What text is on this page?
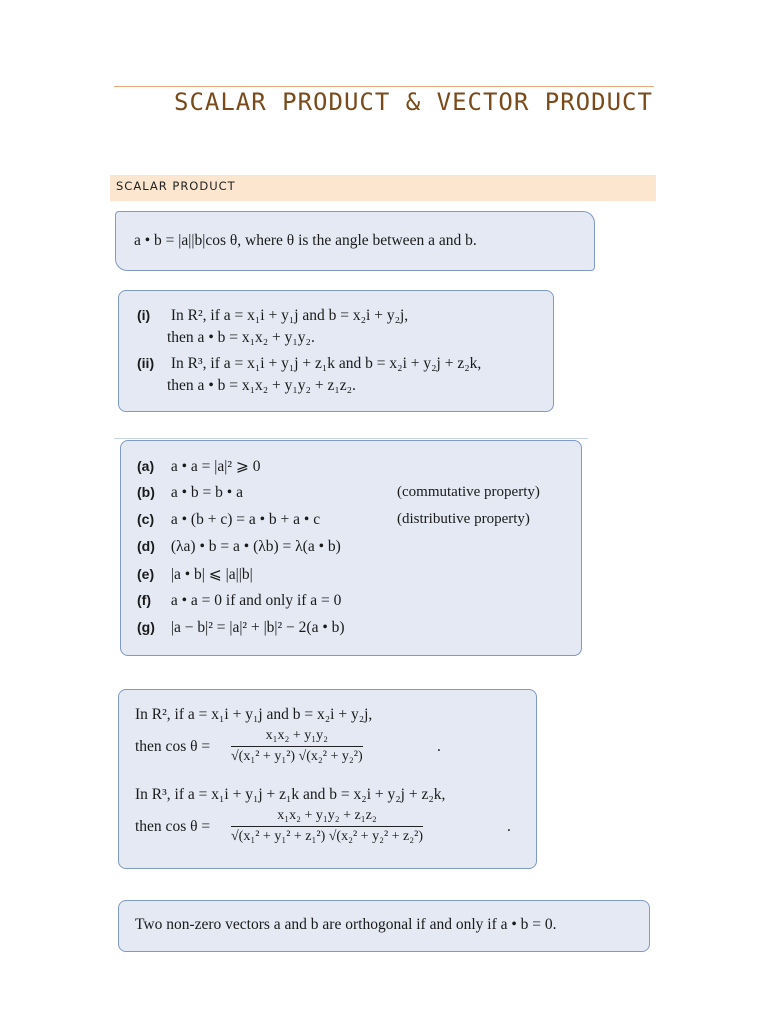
SCALAR PRODUCT & VECTOR PRODUCT
SCALAR PRODUCT
a • b = |a||b|cos θ, where θ is the angle between a and b.
(i) In R², if a = x₁i + y₁j and b = x₂i + y₂j,
then a • b = x₁x₂ + y₁y₂.
(ii) In R³, if a = x₁i + y₁j + z₁k and b = x₂i + y₂j + z₂k,
then a • b = x₁x₂ + y₁y₂ + z₁z₂.
(a) a • a = |a|² ⩾ 0
(b) a • b = b • a	(commutative property)
(c) a • (b + c) = a • b + a • c	(distributive property)
(d) (λa) • b = a • (λb) = λ(a • b)
(e) |a • b| ⩽ |a||b|
(f) a • a = 0 if and only if a = 0
(g) |a − b|² = |a|² + |b|² − 2(a • b)
In R², if a = x₁i + y₁j and b = x₂i + y₂j,
then $\cos \theta = \frac{\text{x₁x₂ + y₁y₂}}{\text{√(x₁² + y₁²) √(x₂² + y₂²)}}$	.
In R³, if a = x₁i + y₁j + z₁k and b = x₂i + y₂j + z₂k,
then $\cos \theta = \frac{\text{x₁x₂ + y₁y₂ + z₁z₂}}{\text{√(x₁² + y₁² + z₁²) √(x₂² + y₂² + z₂²)}}$	.
Two non-zero vectors a and b are orthogonal if and only if a • b = 0.
